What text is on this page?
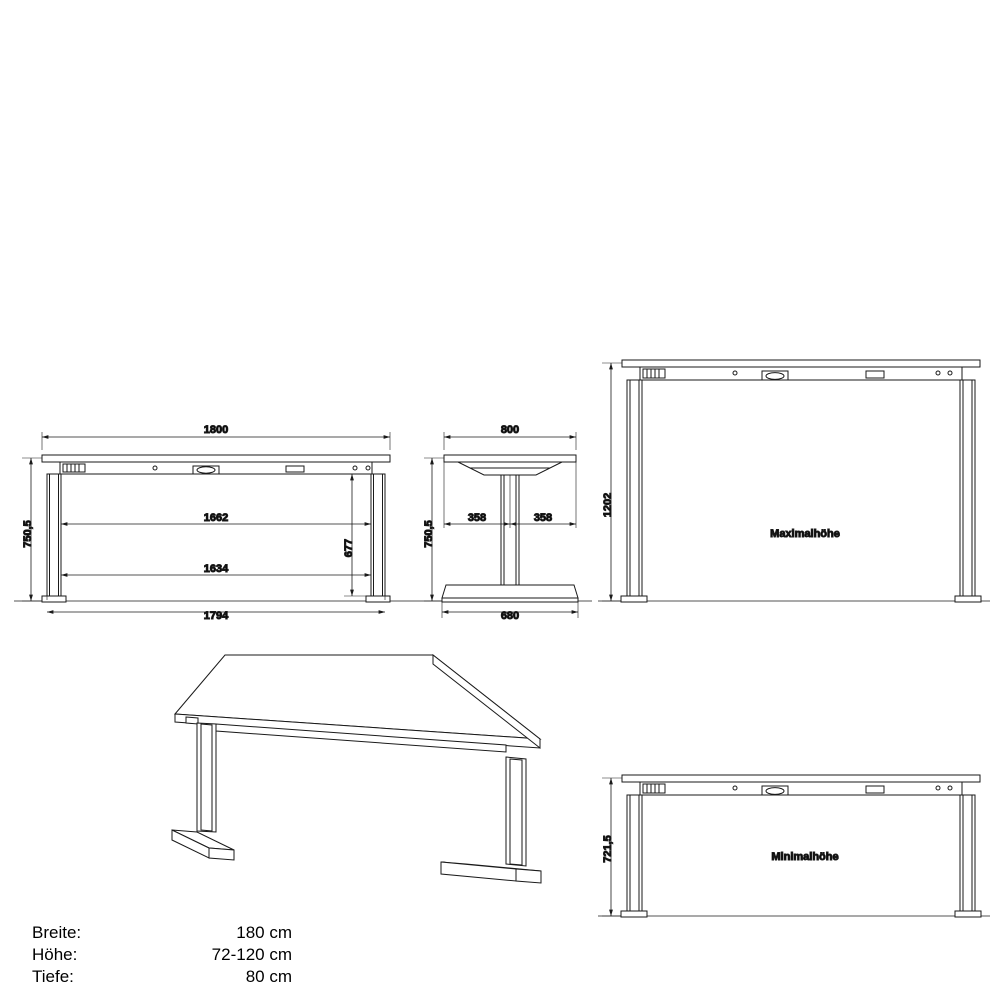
1800
1662
1634
1794
750,5
677
800
358	358
680
750,5
1202
Maximalhöhe
721,5	Minimalhöhe
Breite:	180 cm
Höhe:	72-120 cm
Tiefe:	80 cm
